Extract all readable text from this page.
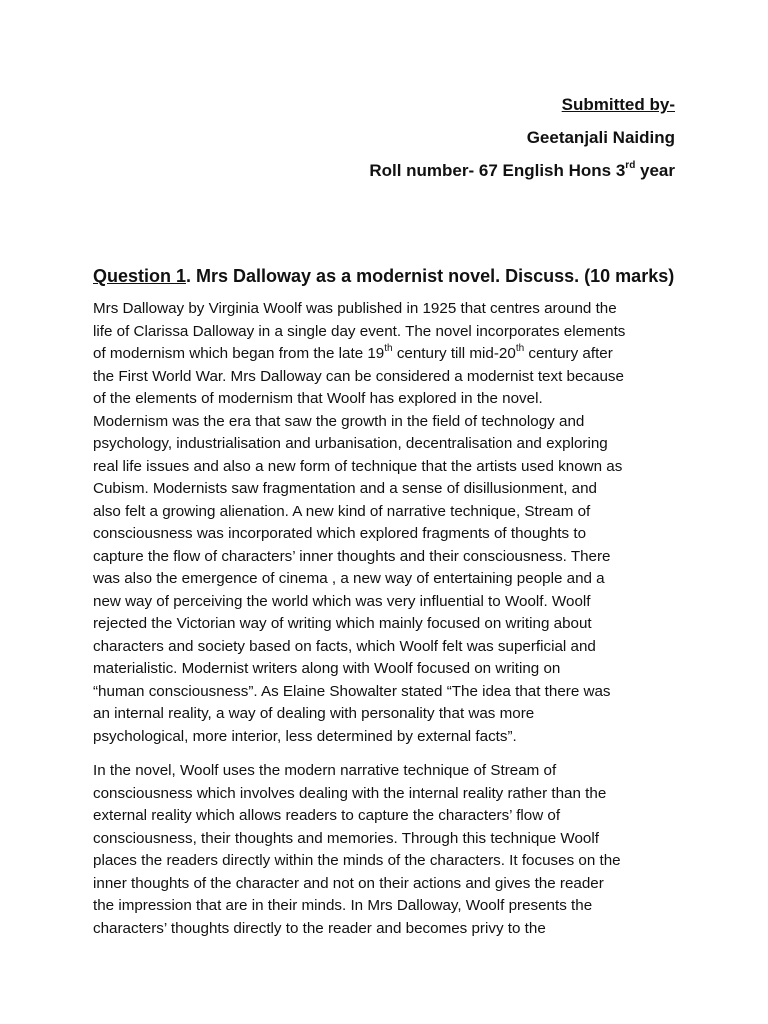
Submitted by-
Geetanjali Naiding
Roll number- 67 English Hons 3rd year
Question 1. Mrs Dalloway as a modernist novel. Discuss. (10 marks)

Mrs Dalloway by Virginia Woolf was published in 1925 that centres around the
life of Clarissa Dalloway in a single day event. The novel incorporates elements
of modernism which began from the late 19th century till mid-20th century after
the First World War. Mrs Dalloway can be considered a modernist text because
of the elements of modernism that Woolf has explored in the novel.
Modernism was the era that saw the growth in the field of technology and
psychology, industrialisation and urbanisation, decentralisation and exploring
real life issues and also a new form of technique that the artists used known as
Cubism. Modernists saw fragmentation and a sense of disillusionment, and
also felt a growing alienation. A new kind of narrative technique, Stream of
consciousness was incorporated which explored fragments of thoughts to
capture the flow of characters’ inner thoughts and their consciousness. There
was also the emergence of cinema , a new way of entertaining people and a
new way of perceiving the world which was very influential to Woolf. Woolf
rejected the Victorian way of writing which mainly focused on writing about
characters and society based on facts, which Woolf felt was superficial and
materialistic. Modernist writers along with Woolf focused on writing on
“human consciousness”. As Elaine Showalter stated “The idea that there was
an internal reality, a way of dealing with personality that was more
psychological, more interior, less determined by external facts”.

In the novel, Woolf uses the modern narrative technique of Stream of
consciousness which involves dealing with the internal reality rather than the
external reality which allows readers to capture the characters’ flow of
consciousness, their thoughts and memories. Through this technique Woolf
places the readers directly within the minds of the characters. It focuses on the
inner thoughts of the character and not on their actions and gives the reader
the impression that are in their minds. In Mrs Dalloway, Woolf presents the
characters’ thoughts directly to the reader and becomes privy to the
